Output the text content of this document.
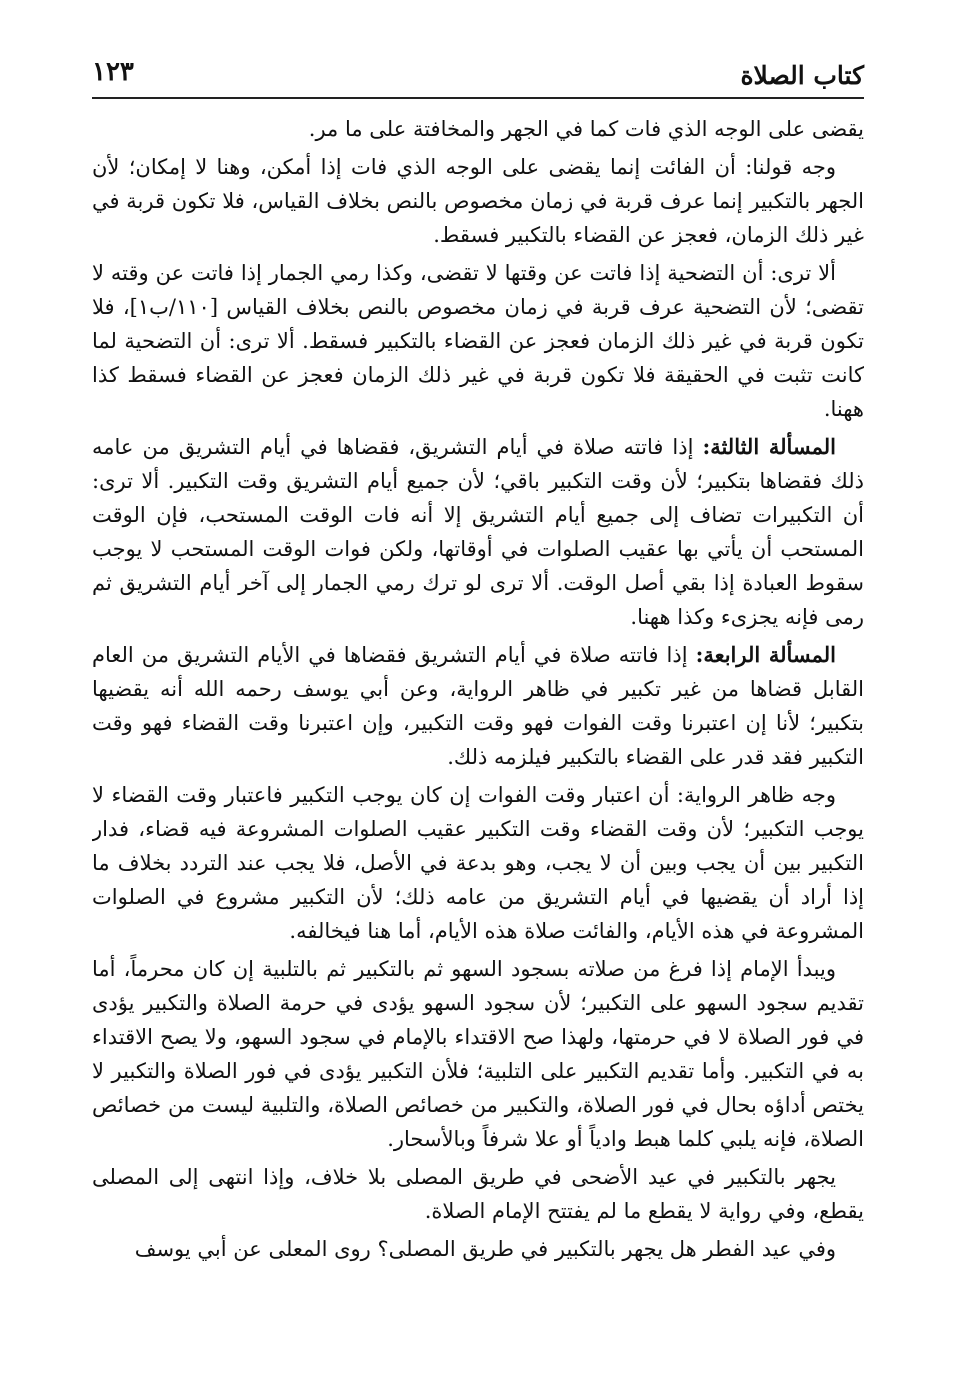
كتاب الصلاة
١٢٣

يقضى على الوجه الذي فات كما في الجهر والمخافتة على ما مر.

وجه قولنا: أن الفائت إنما يقضى على الوجه الذي فات إذا أمكن، وهنا لا إمكان؛ لأن الجهر بالتكبير إنما عرف قربة في زمان مخصوص بالنص بخلاف القياس، فلا تكون قربة في غير ذلك الزمان، فعجز عن القضاء بالتكبير فسقط.

ألا ترى: أن التضحية إذا فاتت عن وقتها لا تقضى، وكذا رمي الجمار إذا فاتت عن وقته لا تقضى؛ لأن التضحية عرف قربة في زمان مخصوص بالنص بخلاف القياس [١١٠/ب١]، فلا تكون قربة في غير ذلك الزمان فعجز عن القضاء بالتكبير فسقط. ألا ترى: أن التضحية لما كانت تثبت في الحقيقة فلا تكون قربة في غير ذلك الزمان فعجز عن القضاء فسقط كذا ههنا.

المسألة الثالثة: إذا فاتته صلاة في أيام التشريق، فقضاها في أيام التشريق من عامه ذلك فقضاها بتكبير؛ لأن وقت التكبير باقي؛ لأن جميع أيام التشريق وقت التكبير. ألا ترى: أن التكبيرات تضاف إلى جميع أيام التشريق إلا أنه فات الوقت المستحب، فإن الوقت المستحب أن يأتي بها عقيب الصلوات في أوقاتها، ولكن فوات الوقت المستحب لا يوجب سقوط العبادة إذا بقي أصل الوقت. ألا ترى لو ترك رمي الجمار إلى آخر أيام التشريق ثم رمى فإنه يجزىء وكذا ههنا.

المسألة الرابعة: إذا فاتته صلاة في أيام التشريق فقضاها في الأيام التشريق من العام القابل قضاها من غير تكبير في ظاهر الرواية، وعن أبي يوسف رحمه الله أنه يقضيها بتكبير؛ لأنا إن اعتبرنا وقت الفوات فهو وقت التكبير، وإن اعتبرنا وقت القضاء فهو وقت التكبير فقد قدر على القضاء بالتكبير فيلزمه ذلك.

وجه ظاهر الرواية: أن اعتبار وقت الفوات إن كان يوجب التكبير فاعتبار وقت القضاء لا يوجب التكبير؛ لأن وقت القضاء وقت التكبير عقيب الصلوات المشروعة فيه قضاء، فدار التكبير بين أن يجب وبين أن لا يجب، وهو بدعة في الأصل، فلا يجب عند التردد بخلاف ما إذا أراد أن يقضيها في أيام التشريق من عامه ذلك؛ لأن التكبير مشروع في الصلوات المشروعة في هذه الأيام، والفائت صلاة هذه الأيام، أما هنا فيخالفه.

ويبدأ الإمام إذا فرغ من صلاته بسجود السهو ثم بالتكبير ثم بالتلبية إن كان محرماً، أما تقديم سجود السهو على التكبير؛ لأن سجود السهو يؤدى في حرمة الصلاة والتكبير يؤدى في فور الصلاة لا في حرمتها، ولهذا صح الاقتداء بالإمام في سجود السهو، ولا يصح الاقتداء به في التكبير. وأما تقديم التكبير على التلبية؛ فلأن التكبير يؤدى في فور الصلاة والتكبير لا يختص أداؤه بحال في فور الصلاة، والتكبير من خصائص الصلاة، والتلبية ليست من خصائص الصلاة، فإنه يلبي كلما هبط وادياً أو علا شرفاً وبالأسحار.

يجهر بالتكبير في عيد الأضحى في طريق المصلى بلا خلاف، وإذا انتهى إلى المصلى يقطع، وفي رواية لا يقطع ما لم يفتتح الإمام الصلاة.

وفي عيد الفطر هل يجهر بالتكبير في طريق المصلى؟ روى المعلى عن أبي يوسف
